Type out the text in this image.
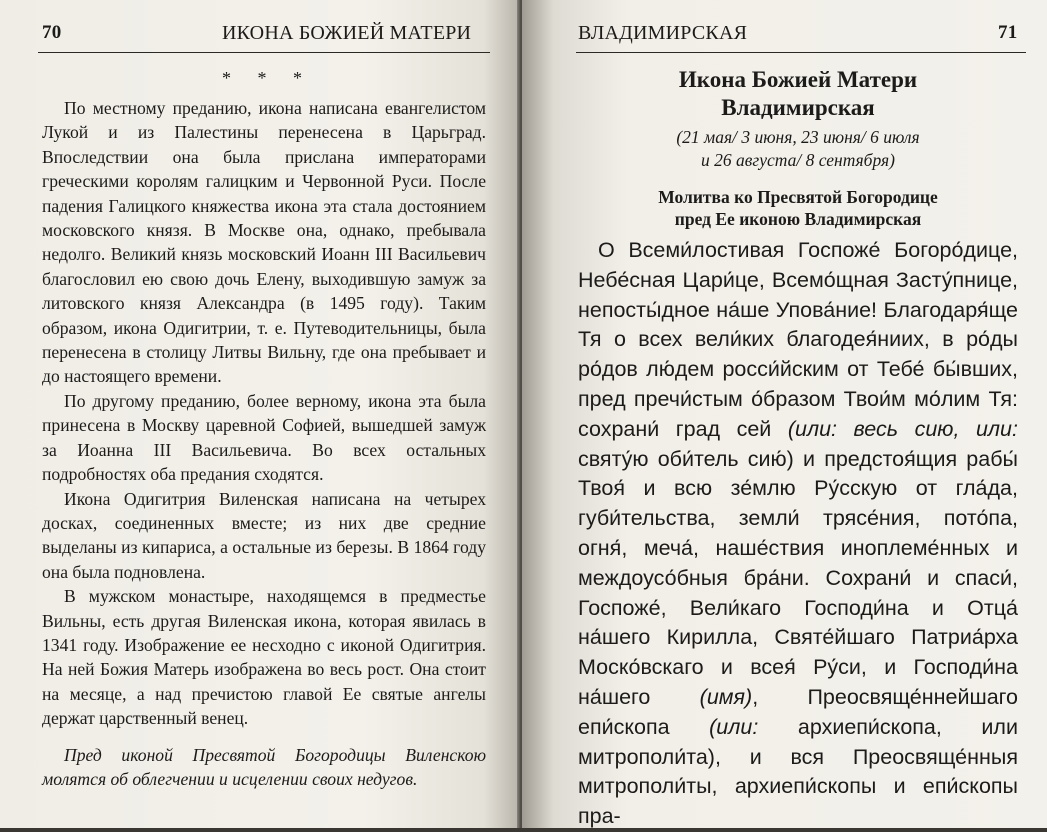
70	ИКОНА БОЖИЕЙ МАТЕРИ
* * *

По местному преданию, икона написана евангелистом Лукой и из Палестины перенесена в Царьград. Впоследствии она была прислана императорами греческими королям галицким и Червонной Руси. После падения Галицкого княжества икона эта стала достоянием московского князя. В Москве она, однако, пребывала недолго. Великий князь московский Иоанн III Васильевич благословил ею свою дочь Елену, выходившую замуж за литовского князя Александра (в 1495 году). Таким образом, икона Одигитрии, т. е. Путеводительницы, была перенесена в столицу Литвы Вильну, где она пребывает и до настоящего времени.

По другому преданию, более верному, икона эта была принесена в Москву царевной Софией, вышедшей замуж за Иоанна III Васильевича. Во всех остальных подробностях оба предания сходятся.

Икона Одигитрия Виленская написана на четырех досках, соединенных вместе; из них две средние выделаны из кипариса, а остальные из березы. В 1864 году она была подновлена.

В мужском монастыре, находящемся в предместье Вильны, есть другая Виленская икона, которая явилась в 1341 году. Изображение ее несходно с иконой Одигитрия. На ней Божия Матерь изображена во весь рост. Она стоит на месяце, а над пречистою главой Ее святые ангелы держат царственный венец.

Пред иконой Пресвятой Богородицы Виленскою молятся об облегчении и исцелении своих недугов.

ВЛАДИМИРСКАЯ	71

Икона Божией Матери

Владимирская

(21 мая/ 3 июня, 23 июня/ 6 июля

и 26 августа/ 8 сентября)

Молитва ко Пресвятой Богородице

пред Ее иконою Владимирская

О Всеми́лостивая Госпоже́ Богоро́дице, Небе́сная Цари́це, Всемо́щная Засту́пнице, непосты́дное на́ше Упова́ние! Благодаря́ще Тя о всех вели́ких благодея́ниих, в ро́ды ро́дов лю́дем росси́йским от Тебе́ бы́вших, пред пречи́стым о́бразом Твои́м мо́лим Тя: сохрани́ град сей (или: весь сию, или: святу́ю оби́тель сию́) и предстоя́щия рабы́ Твоя́ и всю зе́млю Ру́сскую от гла́да, губи́тельства, земли́ трясе́ния, пото́па, огня́, меча́, наше́ствия иноплеме́нных и междоусо́бныя бра́ни. Сохрани́ и спаси́, Госпоже́, Вели́каго Господи́на и Отца́ на́шего Кирилла, Святе́йшаго Патриа́рха Моско́вскаго и всея́ Ру́си, и Господи́на на́шего (имя), Преосвяще́ннейшаго епи́скопа (или: архиепи́скопа, или митрополи́та), и вся Преосвяще́нныя митрополи́ты, архиепи́скопы и епи́скопы пра-
